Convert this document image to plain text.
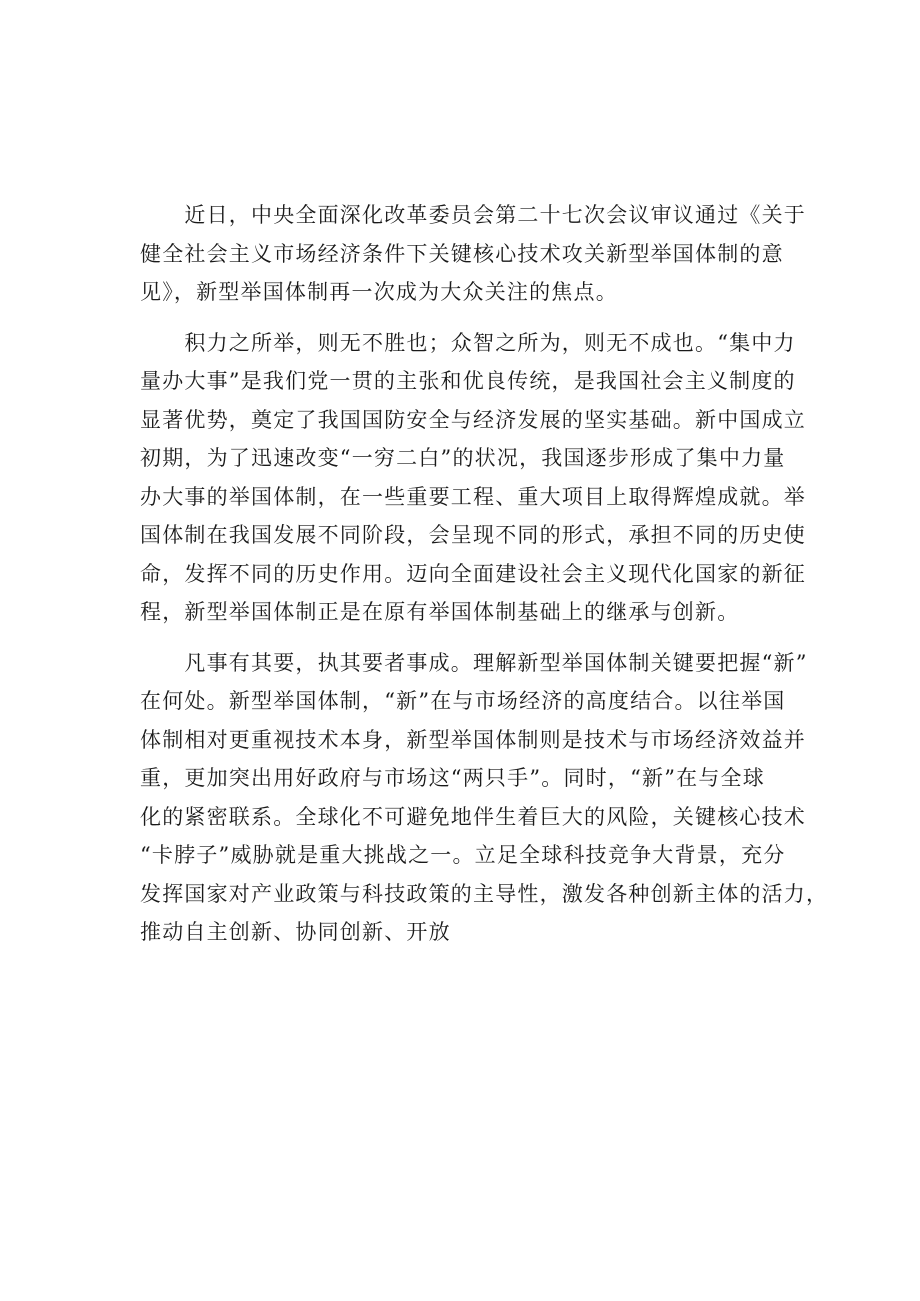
　　近日，中央全面深化改革委员会第二十七次会议审议通过《关于
健全社会主义市场经济条件下关键核心技术攻关新型举国体制的意
见》，新型举国体制再一次成为大众关注的焦点。

　　积力之所举，则无不胜也；众智之所为，则无不成也。“集中力
量办大事”是我们党一贯的主张和优良传统，是我国社会主义制度的
显著优势，奠定了我国国防安全与经济发展的坚实基础。新中国成立
初期，为了迅速改变“一穷二白”的状况，我国逐步形成了集中力量
办大事的举国体制，在一些重要工程、重大项目上取得辉煌成就。举
国体制在我国发展不同阶段，会呈现不同的形式，承担不同的历史使
命，发挥不同的历史作用。迈向全面建设社会主义现代化国家的新征
程，新型举国体制正是在原有举国体制基础上的继承与创新。

　　凡事有其要，执其要者事成。理解新型举国体制关键要把握“新”
在何处。新型举国体制，“新”在与市场经济的高度结合。以往举国
体制相对更重视技术本身，新型举国体制则是技术与市场经济效益并
重，更加突出用好政府与市场这“两只手”。同时，“新”在与全球
化的紧密联系。全球化不可避免地伴生着巨大的风险，关键核心技术
“卡脖子”威胁就是重大挑战之一。立足全球科技竞争大背景，充分
发挥国家对产业政策与科技政策的主导性，激发各种创新主体的活力，
推动自主创新、协同创新、开放
